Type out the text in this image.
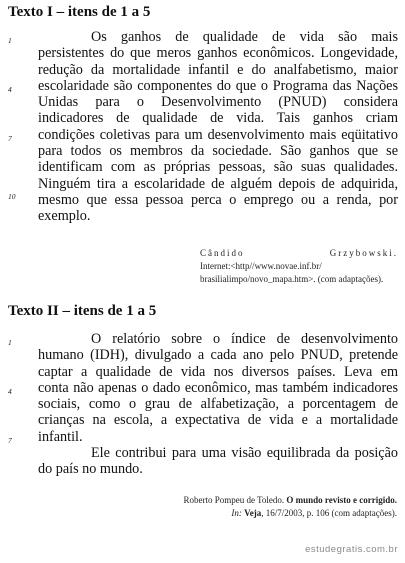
Texto I – itens de 1 a 5
1
4
7
10
Os ganhos de qualidade de vida são mais
persistentes do que meros ganhos econômicos. Longevidade,
redução da mortalidade infantil e do analfabetismo, maior
escolaridade são componentes do que o Programa das Nações
Unidas para o Desenvolvimento (PNUD) considera
indicadores de qualidade de vida. Tais ganhos criam
condições coletivas para um desenvolvimento mais eqüitativo
para todos os membros da sociedade. São ganhos que se
identificam com as próprias pessoas, são suas qualidades.
Ninguém tira a escolaridade de alguém depois de adquirida,
mesmo que essa pessoa perca o emprego ou a renda, por
exemplo.
Cândido Grzybowski.
Internet:<http//www.novae.inf.br/
brasilialimpo/novo_mapa.htm>. (com adaptações).
Texto II – itens de 1 a 5
1
4
7
O relatório sobre o índice de desenvolvimento
humano (IDH), divulgado a cada ano pelo PNUD, pretende
captar a qualidade de vida nos diversos países. Leva em
conta não apenas o dado econômico, mas também indicadores
sociais, como o grau de alfabetização, a porcentagem de
crianças na escola, a expectativa de vida e a mortalidade
infantil.
Ele contribui para uma visão equilibrada da posição
do país no mundo.
Roberto Pompeu de Toledo. O mundo revisto e corrigido.
In: Veja, 16/7/2003, p. 106 (com adaptações).
estudegratis.com.br
